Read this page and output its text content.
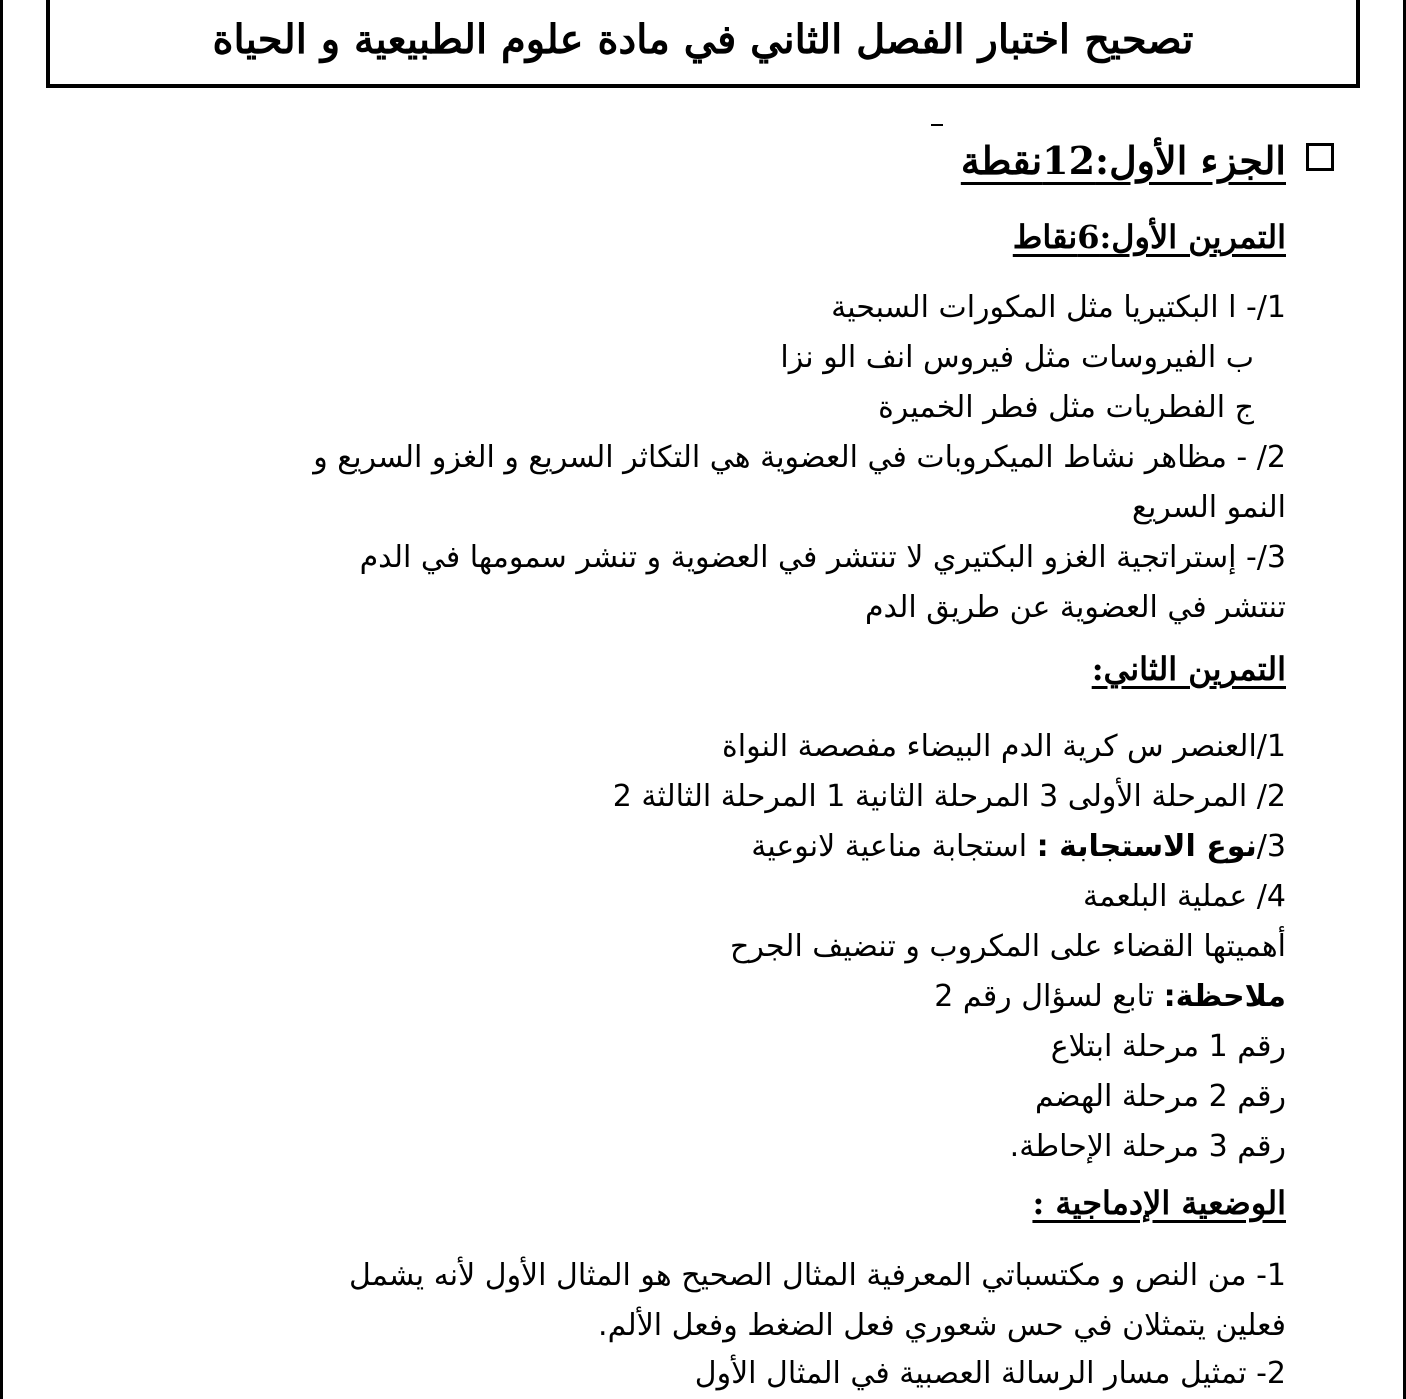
تصحيح اختبار الفصل الثاني في مادة علوم الطبيعية و الحياة
الجزء الأول:12نقطة
التمرين الأول:6نقاط
1/- ا البكتيريا مثل المكورات السبحية
ب الفيروسات مثل فيروس انف الو نزا
ج الفطريات مثل فطر الخميرة
2/ - مظاهر نشاط الميكروبات في العضوية هي التكاثر السريع و الغزو السريع و
النمو السريع
3/- إستراتجية الغزو البكتيري لا تنتشر في العضوية و تنشر سمومها في الدم
تنتشر في العضوية عن طريق الدم
التمرين الثاني:
1/العنصر س كرية الدم البيضاء مفصصة النواة
2/ المرحلة الأولى 3 المرحلة الثانية 1 المرحلة الثالثة 2
3/نوع الاستجابة : استجابة مناعية لانوعية
4/ عملية البلعمة
أهميتها القضاء على المكروب و تنضيف الجرح
ملاحظة: تابع لسؤال رقم 2
رقم 1 مرحلة ابتلاع
رقم 2 مرحلة الهضم
رقم 3 مرحلة الإحاطة.
الوضعية الإدماجية :
1- من النص و مكتسباتي المعرفية المثال الصحيح هو المثال الأول لأنه يشمل
فعلين يتمثلان في حس شعوري فعل الضغط وفعل الألم.
2- تمثيل مسار الرسالة العصبية في المثال الأول
